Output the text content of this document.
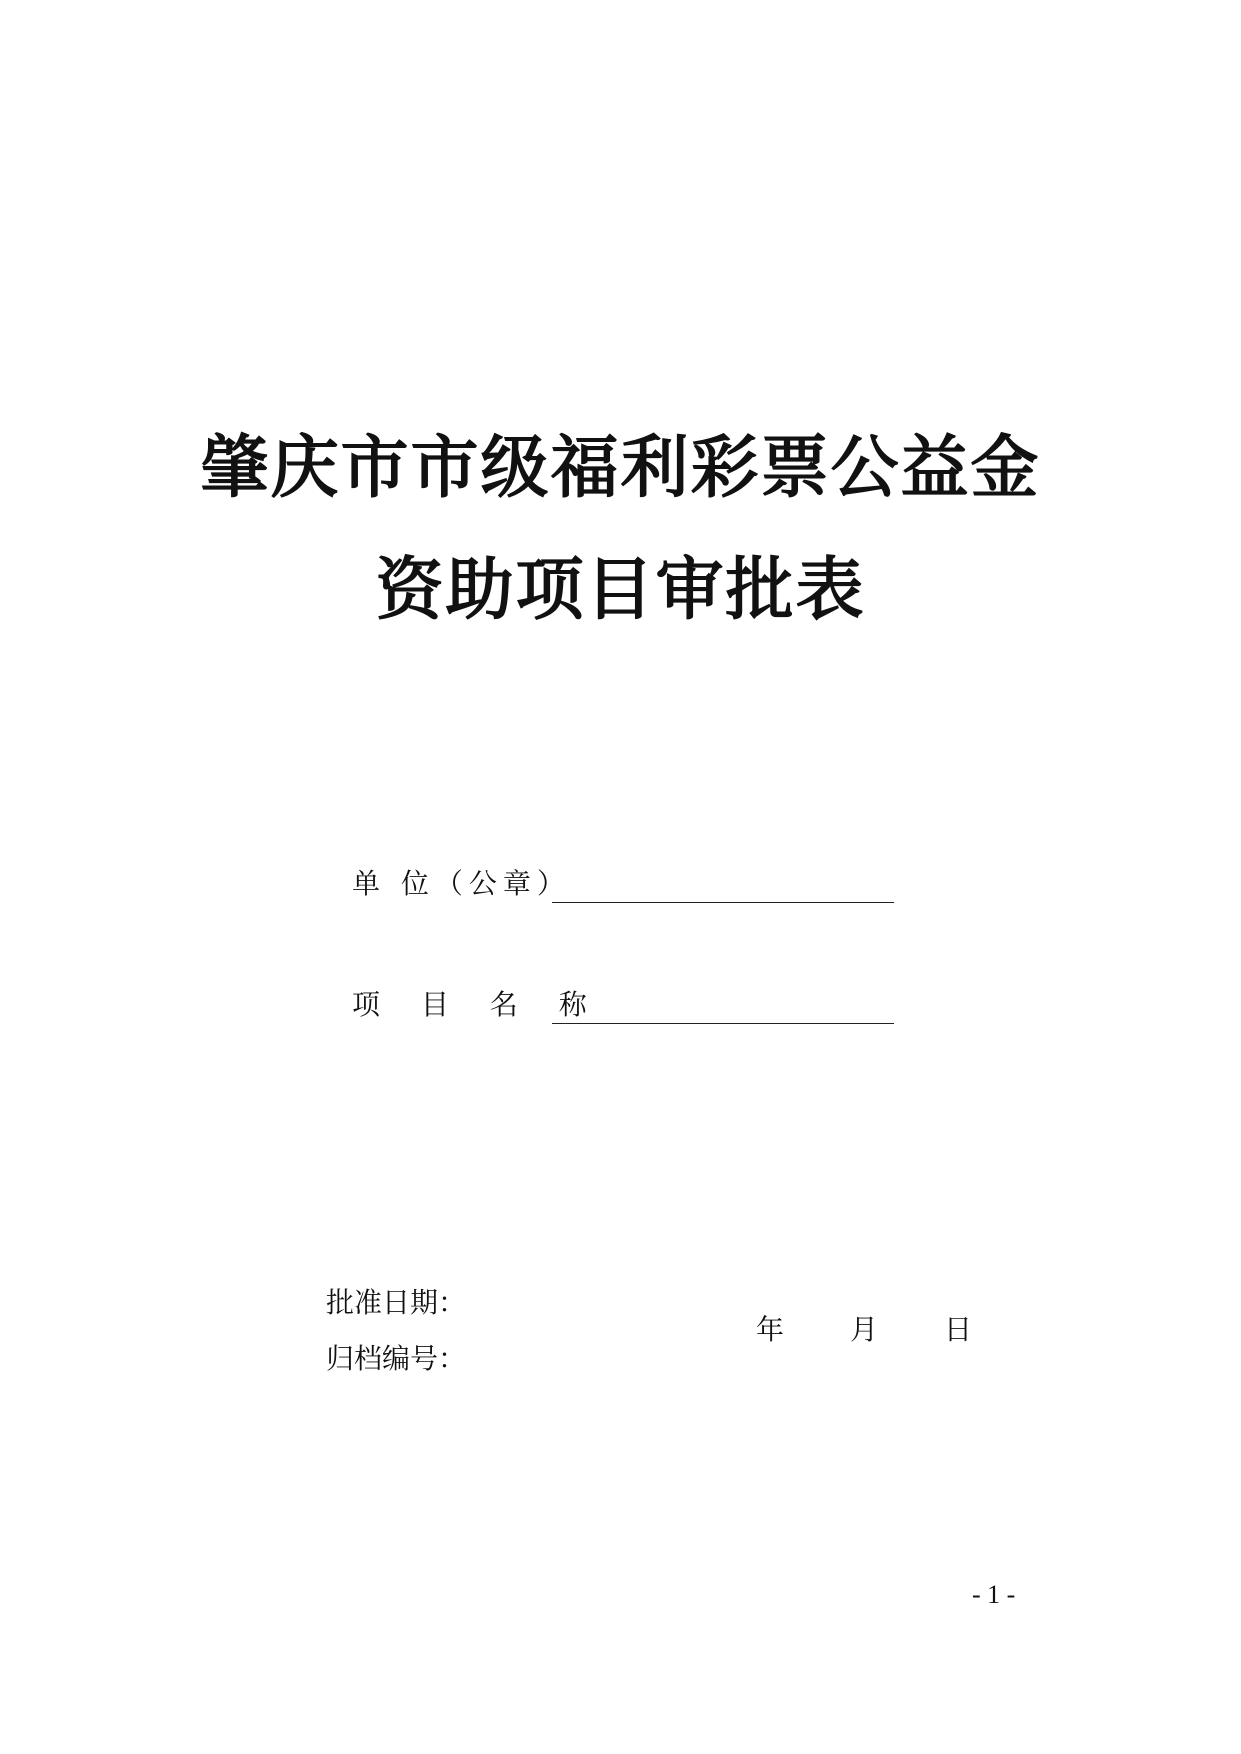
肇庆市市级福利彩票公益金
资助项目审批表
单 位（公章）
项 目 名 称
批准日期：
归档编号：
年 月 日
- 1 -
